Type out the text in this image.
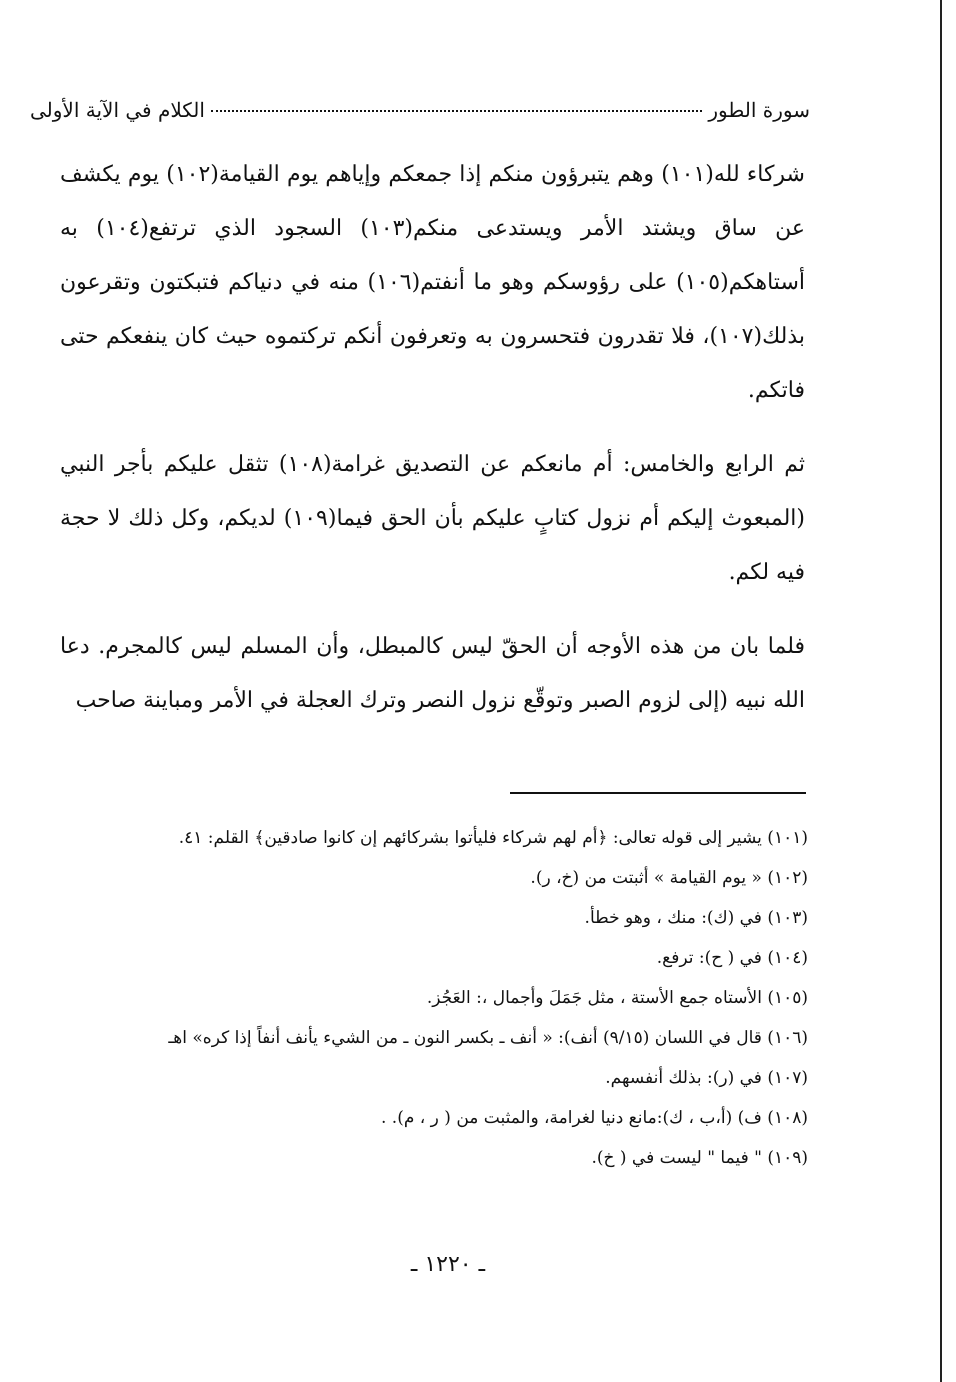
سورة الطور
الكلام في الآية الأولى

شركاء لله(١٠١) وهم يتبرؤون منكم إذا جمعكم وإياهم يوم القيامة(١٠٢) يوم يكشف عن ساق ويشتد الأمر ويستدعى منكم(١٠٣) السجود الذي ترتفع(١٠٤) به أستاهكم(١٠٥) على رؤوسكم وهو ما أنفتم(١٠٦) منه في دنياكم فتبكتون وتقرعون بذلك(١٠٧)، فلا تقدرون فتحسرون به وتعرفون أنكم تركتموه حيث كان ينفعكم حتى فاتكم.

ثم الرابع والخامس: أم مانعكم عن التصديق غرامة(١٠٨) تثقل عليكم بأجر النبي (المبعوث إليكم أم نزول كتابٍ عليكم بأن الحق فيما(١٠٩) لديكم، وكل ذلك لا حجة فيه لكم.

فلما بان من هذه الأوجه أن الحقّ ليس كالمبطل، وأن المسلم ليس كالمجرم. دعا الله نبيه (إلى لزوم الصبر وتوقّع نزول النصر وترك العجلة في الأمر ومباينة صاحب

(١٠١) يشير إلى قوله تعالى: ﴿أم لهم شركاء فليأتوا بشركائهم إن كانوا صادقين﴾ القلم: ٤١.
(١٠٢) « يوم القيامة » أثبتت من (خ، ر).
(١٠٣) في (ك): منك ، وهو خطأ.
(١٠٤) في ( ح): ترفع.
(١٠٥) الأستاه جمع الأستة ، مثل جَمَلَ وأجمال ،: العَجُز.
(١٠٦) قال في اللسان (٩/١٥) أنف): « أنف ـ بكسر النون ـ من الشيء يأنف أنفاً إذا كره» اهـ
(١٠٧) في (ر): بذلك أنفسهم.
(١٠٨) ف) (أ،ب ، ك):مانع دنيا لغرامة، والمثبت من ( ر ، م). .
(١٠٩) " فيما " ليست في ( خ).
ـ ١٢٢٠ ـ
